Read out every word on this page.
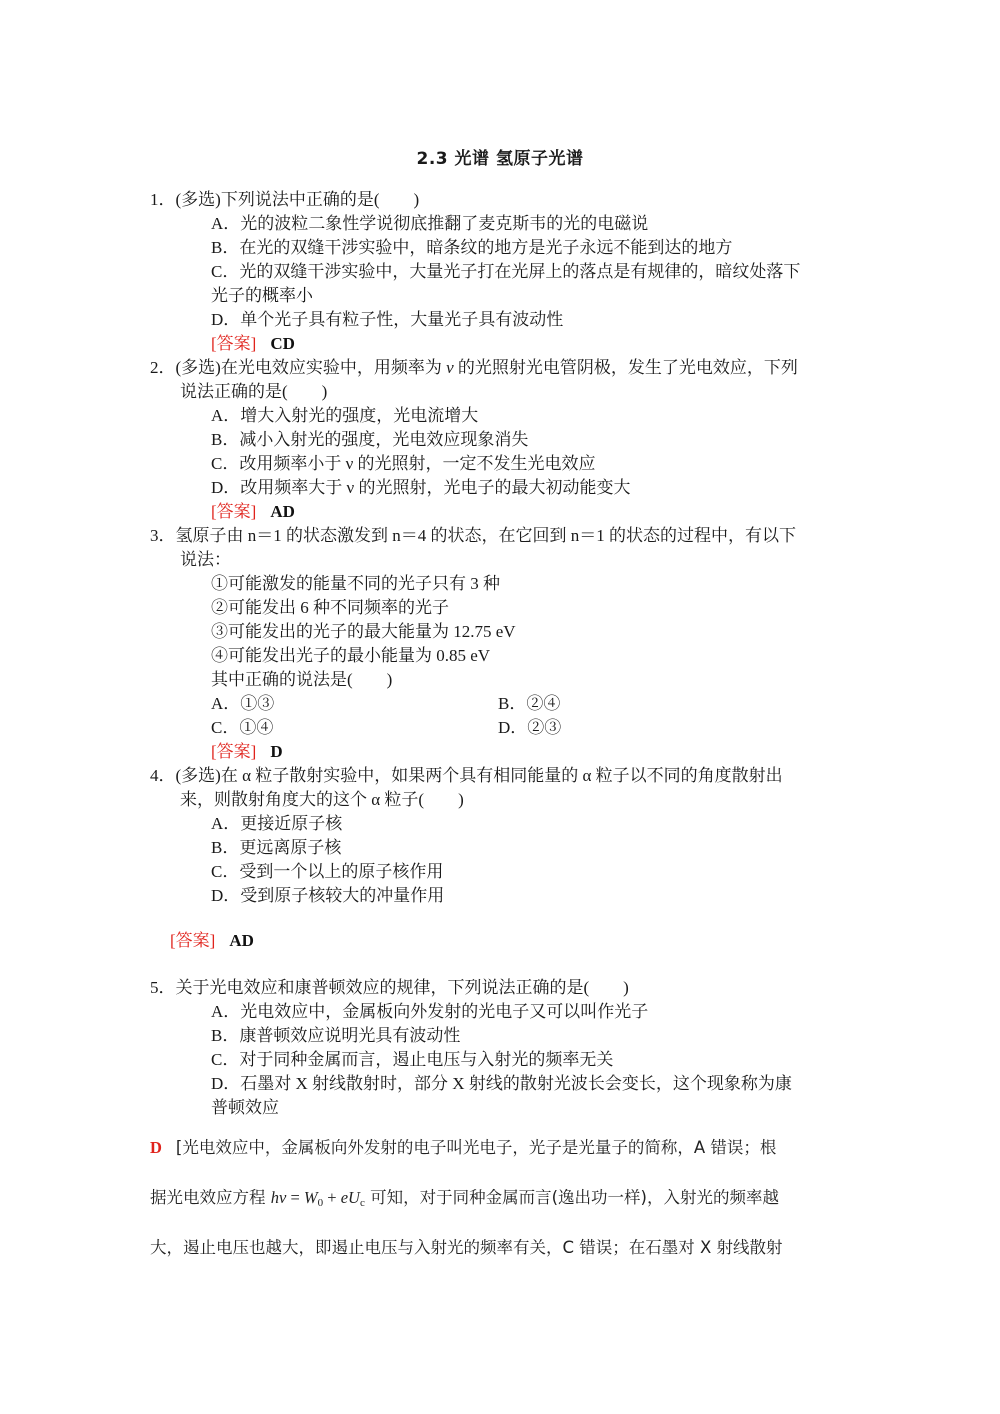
2.3 光谱 氢原子光谱
1．(多选)下列说法中正确的是(　　)
A．光的波粒二象性学说彻底推翻了麦克斯韦的光的电磁说
B．在光的双缝干涉实验中，暗条纹的地方是光子永远不能到达的地方
C．光的双缝干涉实验中，大量光子打在光屏上的落点是有规律的，暗纹处落下
光子的概率小
D．单个光子具有粒子性，大量光子具有波动性
[答案] CD
2．(多选)在光电效应实验中，用频率为 ν 的光照射光电管阴极，发生了光电效应，下列
说法正确的是(　　)
A．增大入射光的强度，光电流增大
B．减小入射光的强度，光电效应现象消失
C．改用频率小于 ν 的光照射，一定不发生光电效应
D．改用频率大于 ν 的光照射，光电子的最大初动能变大
[答案] AD
3．氢原子由 n＝1 的状态激发到 n＝4 的状态，在它回到 n＝1 的状态的过程中，有以下
说法：
①可能激发的能量不同的光子只有 3 种
②可能发出 6 种不同频率的光子
③可能发出的光子的最大能量为 12.75 eV
④可能发出光子的最小能量为 0.85 eV
其中正确的说法是(　　)
A．①③	B．②④
C．①④	D．②③
[答案] D
4．(多选)在 α 粒子散射实验中，如果两个具有相同能量的 α 粒子以不同的角度散射出
来，则散射角度大的这个 α 粒子(　　)
A．更接近原子核
B．更远离原子核
C．受到一个以上的原子核作用
D．受到原子核较大的冲量作用
[答案] AD
5．关于光电效应和康普顿效应的规律，下列说法正确的是(　　)
A．光电效应中，金属板向外发射的光电子又可以叫作光子
B．康普顿效应说明光具有波动性
C．对于同种金属而言，遏止电压与入射光的频率无关
D．石墨对 X 射线散射时，部分 X 射线的散射光波长会变长，这个现象称为康
普顿效应
D [光电效应中，金属板向外发射的电子叫光电子，光子是光量子的简称，A 错误；根
据光电效应方程 $h\nu = W_0 + eU_c$ 可知，对于同种金属而言(逸出功一样)，入射光的频率越
大，遏止电压也越大，即遏止电压与入射光的频率有关，C 错误；在石墨对 X 射线散射
